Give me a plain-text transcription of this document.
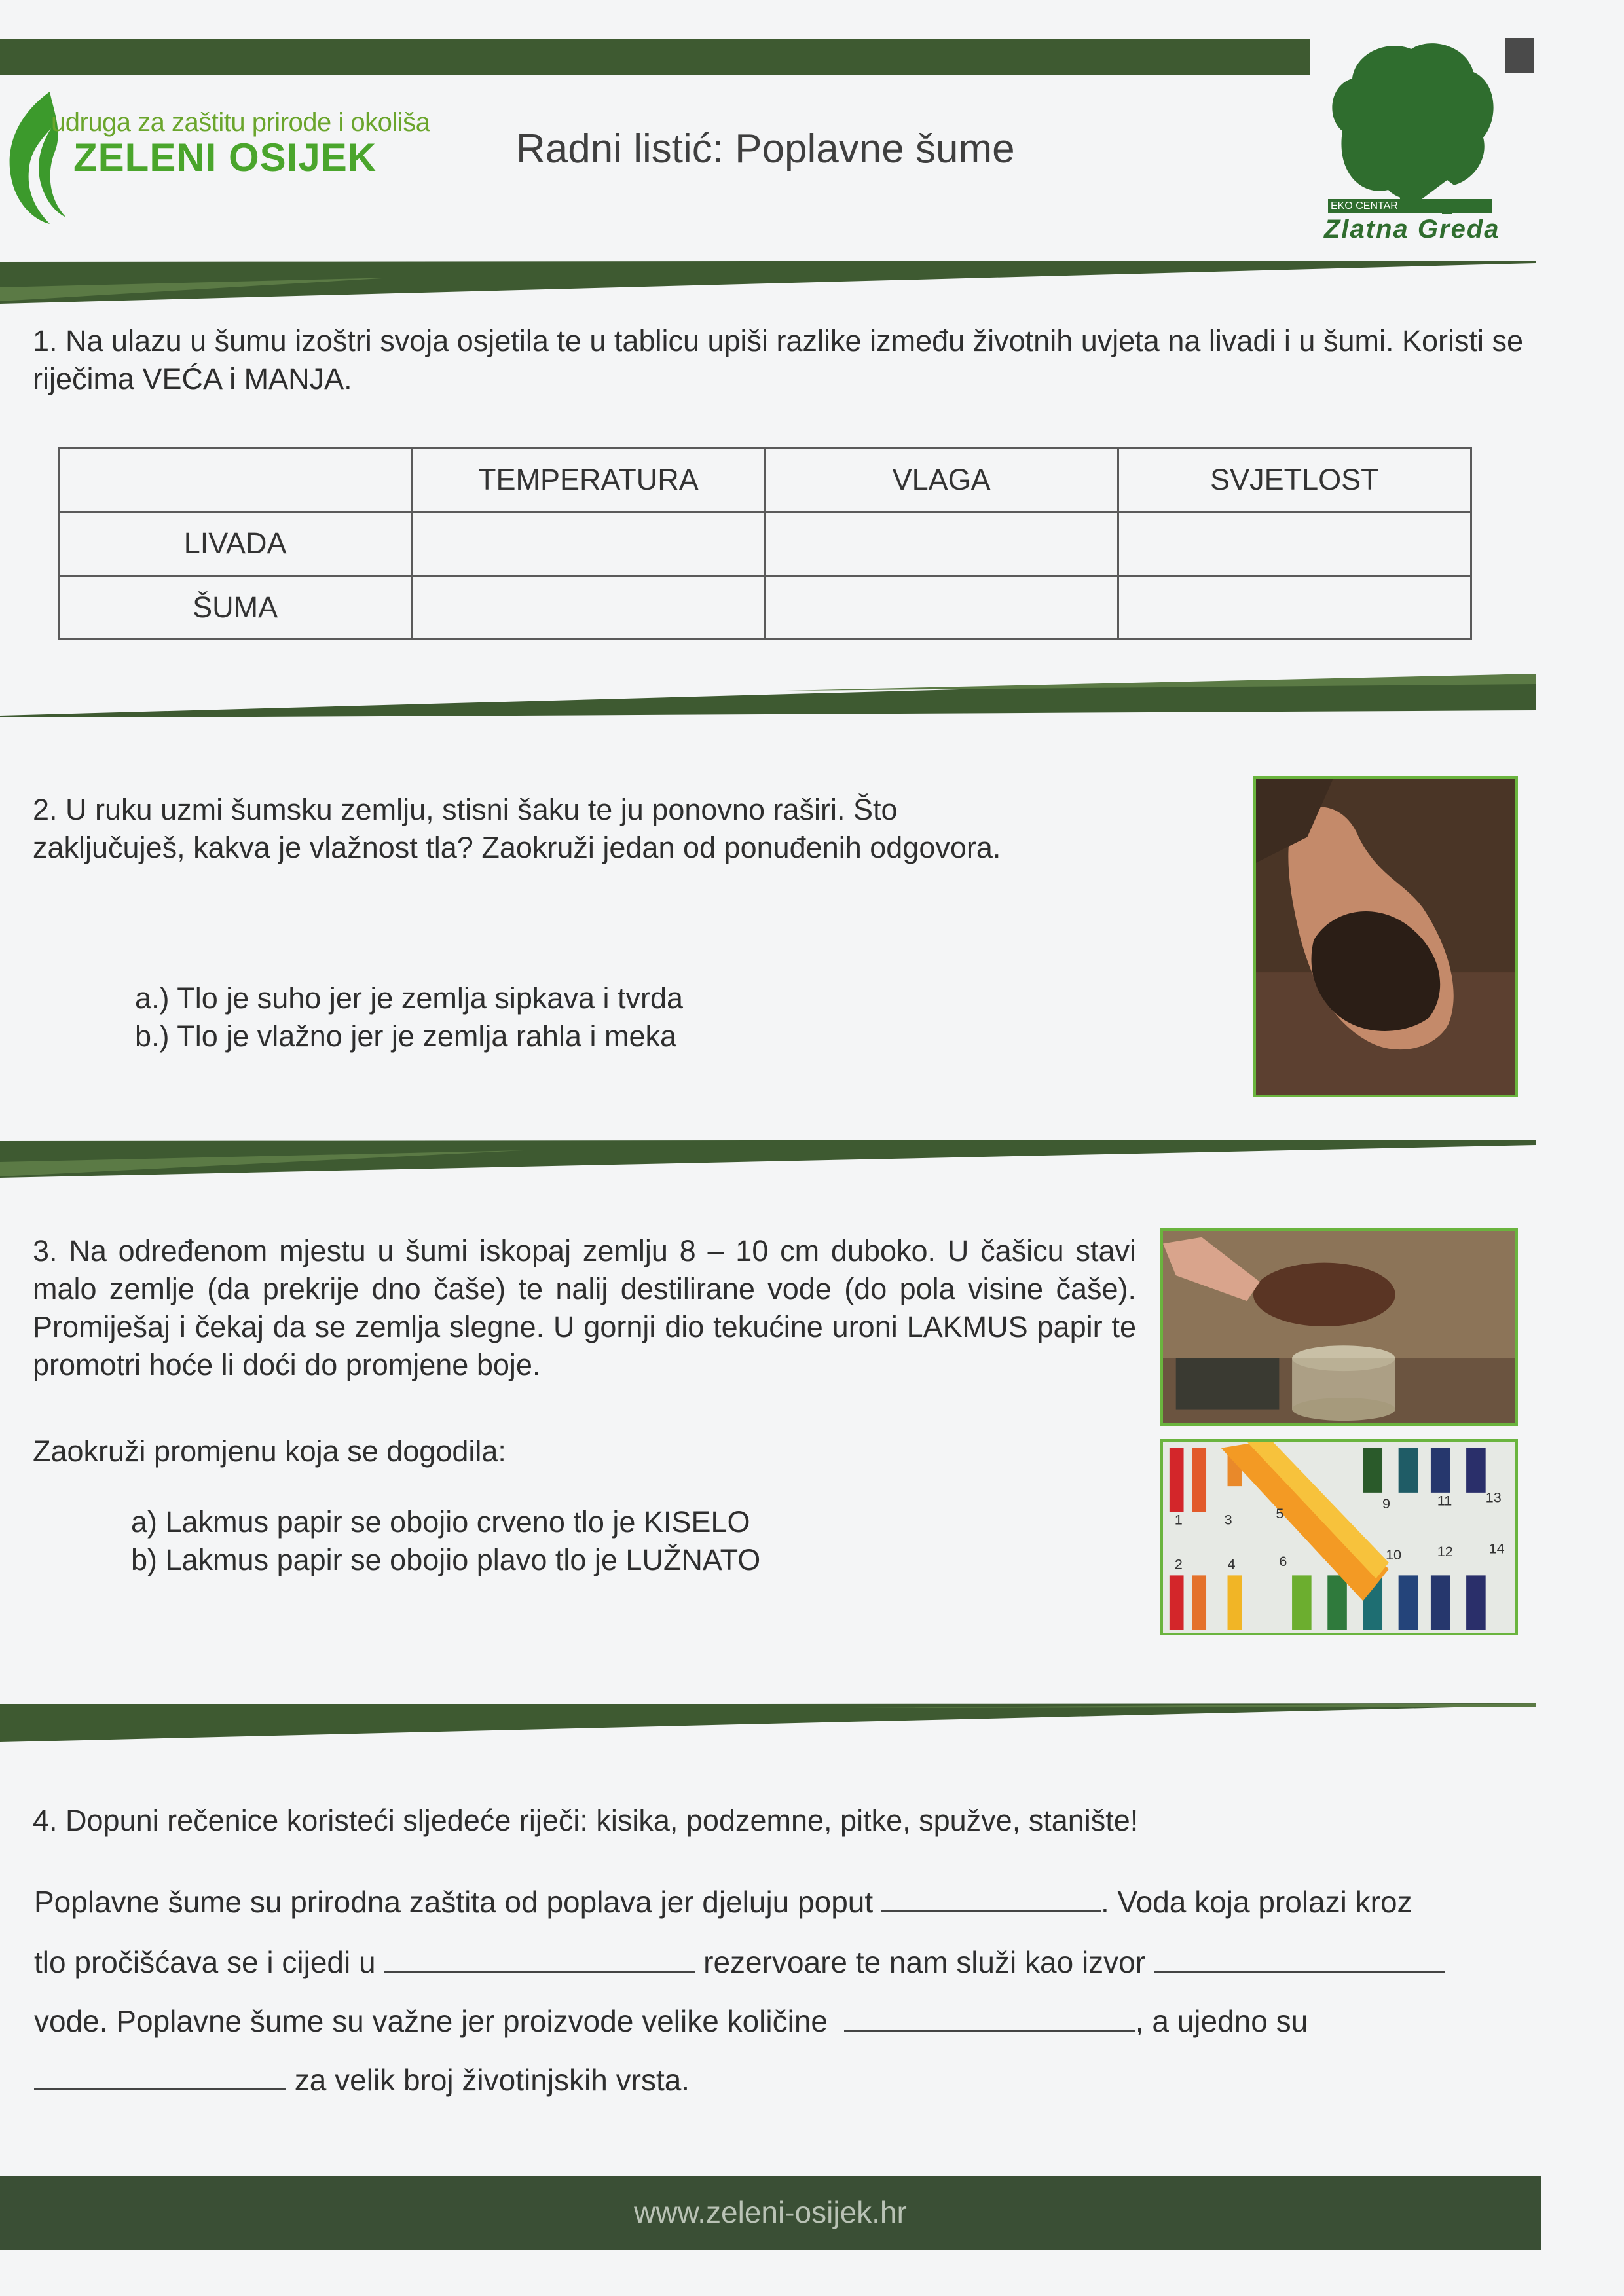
udruga za zaštitu prirode i okoliša
ZELENI OSIJEK	Radni listić: Poplavne šume
EKO CENTAR
Zlatna Greda
1. Na ulazu u šumu izoštri svoja osjetila te u tablicu upiši razlike između životnih uvjeta na livadi i u šumi. Koristi se riječima VEĆA i MANJA.
	TEMPERATURA	VLAGA	SVJETLOST
LIVADA			
ŠUMA			
2. U ruku uzmi šumsku zemlju, stisni šaku te ju ponovno raširi. Što zaključuješ, kakva je vlažnost tla? Zaokruži jedan od ponuđenih odgovora.
a.) Tlo je suho jer je zemlja sipkava i tvrda
b.) Tlo je vlažno jer je zemlja rahla i meka
3. Na određenom mjestu u šumi iskopaj zemlju 8 – 10 cm duboko. U čašicu stavi malo zemlje (da prekrije dno čaše) te nalij destilirane vode (do pola visine čaše). Promiješaj i čekaj da se zemlja slegne. U gornji dio tekućine uroni LAKMUS papir te promotri hoće li doći do promjene boje.
Zaokruži promjenu koja se dogodila:
a) Lakmus papir se obojio crveno tlo je KISELO
b) Lakmus papir se obojio plavo tlo je LUŽNATO
1	3	5
9	11 13
2	4	6	10 12 14
4. Dopuni rečenice koristeći sljedeće riječi: kisika, podzemne, pitke, spužve, stanište!
Poplavne šume su prirodna zaštita od poplava jer djeluju poput	. Voda koja prolazi kroz
tlo pročišćava se i cijedi u	rezervoare te nam služi kao izvor
vode. Poplavne šume su važne jer proizvode velike količine	, a ujedno su
za velik broj životinjskih vrsta.
www.zeleni-osijek.hr
